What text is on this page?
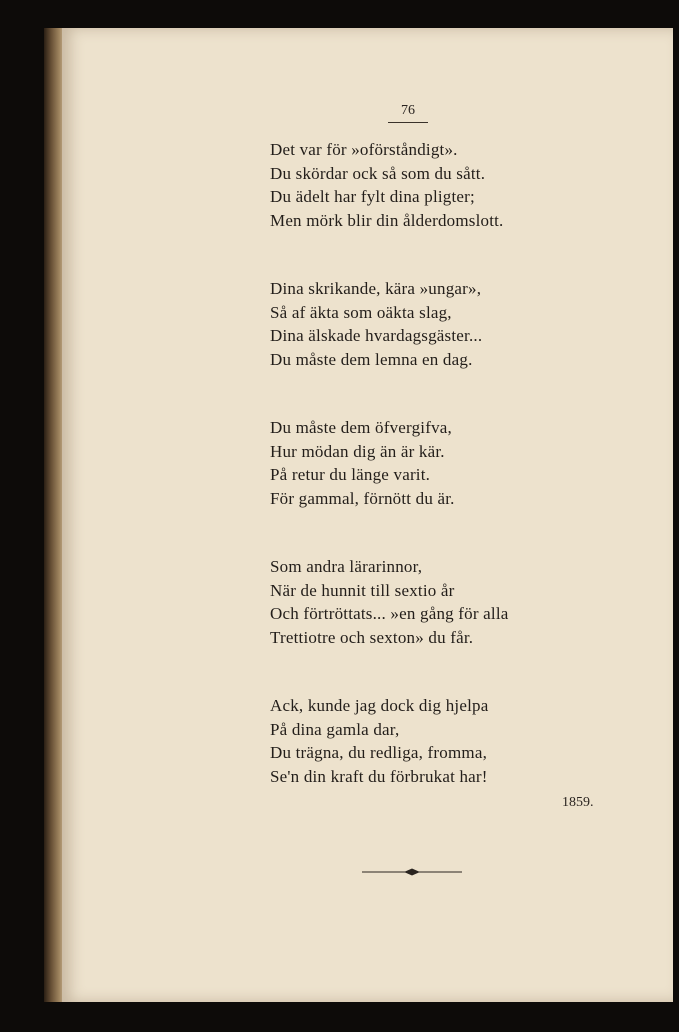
76
Det var för »oförståndigt».
Du skördar ock så som du sått.
Du ädelt har fylt dina pligter;
Men mörk blir din ålderdomslott.
Dina skrikande, kära »ungar»,
Så af äkta som oäkta slag,
Dina älskade hvardagsgäster...
Du måste dem lemna en dag.
Du måste dem öfvergifva,
Hur mödan dig än är kär.
På retur du länge varit.
För gammal, förnött du är.
Som andra lärarinnor,
När de hunnit till sextio år
Och förtröttats... »en gång för alla
Trettiotre och sexton» du får.
Ack, kunde jag dock dig hjelpa
På dina gamla dar,
Du trägna, du redliga, fromma,
Se'n din kraft du förbrukat har!
1859.
